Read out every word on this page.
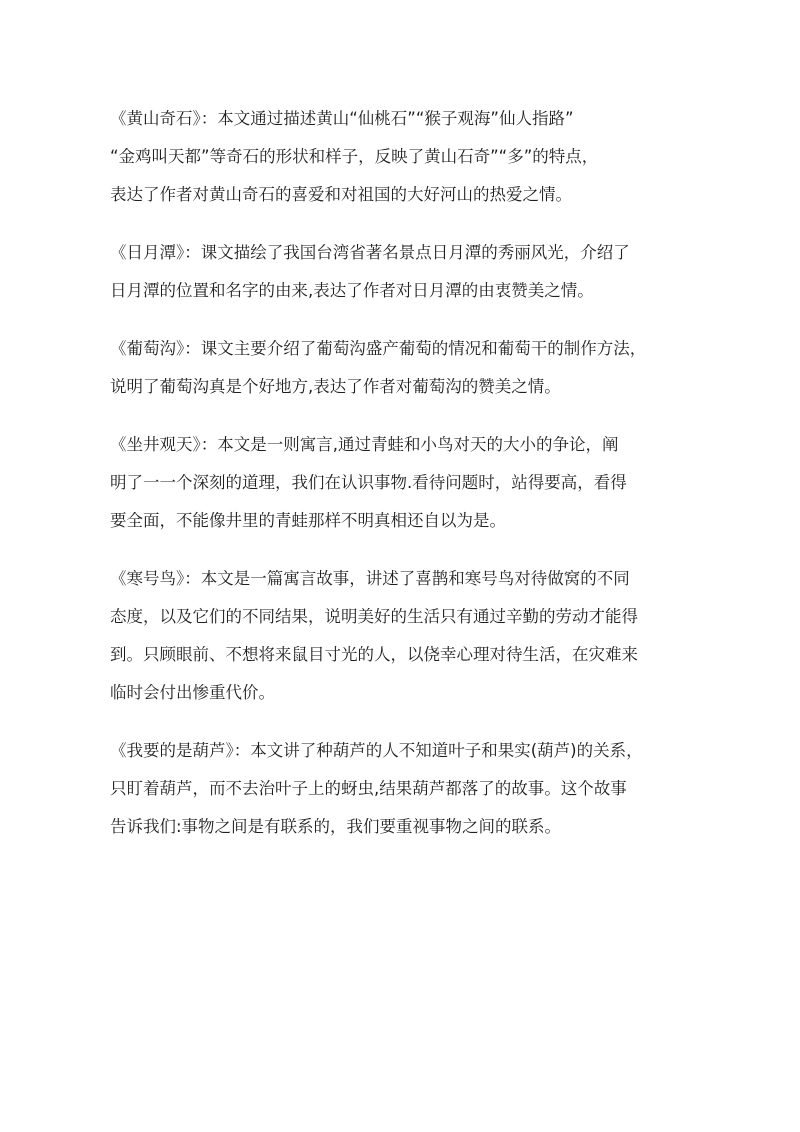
《黄山奇石》：本文通过描述黄山“仙桃石”“猴子观海”仙人指路”
“金鸡叫天都”等奇石的形状和样子，反映了黄山石奇”“多”的特点，
表达了作者对黄山奇石的喜爱和对祖国的大好河山的热爱之情。

《日月潭》：课文描绘了我国台湾省著名景点日月潭的秀丽风光，介绍了
日月潭的位置和名字的由来,表达了作者对日月潭的由衷赞美之情。

《葡萄沟》：课文主要介绍了葡萄沟盛产葡萄的情况和葡萄干的制作方法，
说明了葡萄沟真是个好地方,表达了作者对葡萄沟的赞美之情。

《坐井观天》：本文是一则寓言,通过青蛙和小鸟对天的大小的争论，阐
明了一一个深刻的道理，我们在认识事物.看待问题时，站得要高，看得
要全面，不能像井里的青蛙那样不明真相还自以为是。

《寒号鸟》：本文是一篇寓言故事，讲述了喜鹊和寒号鸟对待做窝的不同
态度，以及它们的不同结果，说明美好的生活只有通过辛勤的劳动才能得
到。只顾眼前、不想将来鼠目寸光的人，以侥幸心理对待生活，在灾难来
临时会付出惨重代价。

《我要的是葫芦》：本文讲了种葫芦的人不知道叶子和果实(葫芦)的关系，
只盯着葫芦，而不去治叶子上的蚜虫,结果葫芦都落了的故事。这个故事
告诉我们:事物之间是有联系的，我们要重视事物之间的联系。
